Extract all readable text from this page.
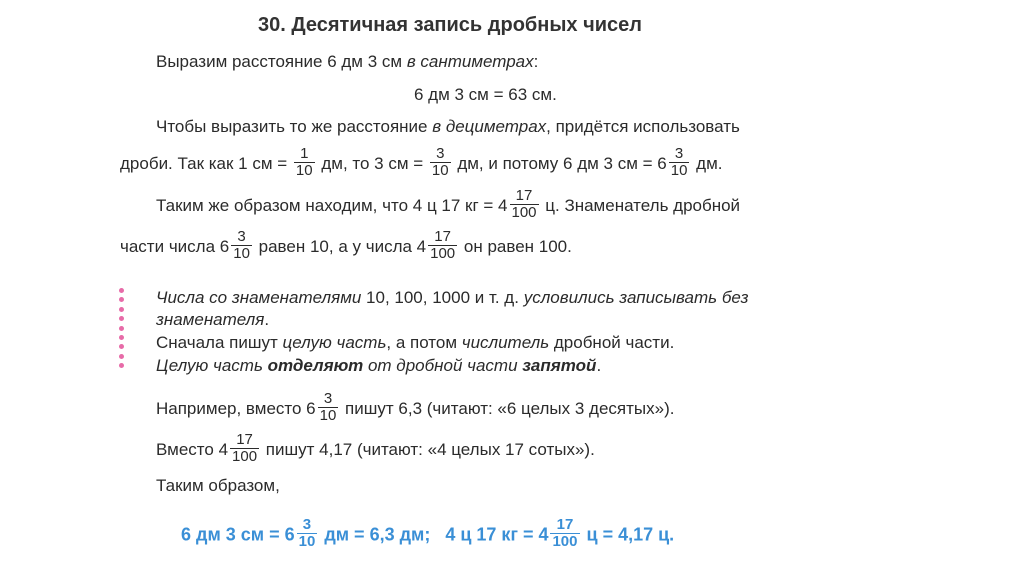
30. Десятичная запись дробных чисел
Выразим расстояние 6 дм 3 см в сантиметрах:
6 дм 3 см = 63 см.
Чтобы выразить то же расстояние в дециметрах, придётся использовать
дроби. Так как 1 см = $\frac{1}{10}$ дм, то 3 см = $\frac{3}{10}$ дм, и потому 6 дм 3 см = $6 \frac{3}{10}$ дм.
Таким же образом находим, что 4 ц 17 кг = $4 \frac{17}{100} ц$. Знаменатель дробной
части числа $6 \frac{3}{10}$ равен 10, а у числа $4 \frac{17}{100}$ он равен 100.
Числа со знаменателями 10, 100, 1000 и т. д. условились записывать без
знаменателя.
Сначала пишут целую часть, а потом числитель дробной части.
Целую часть отделяют от дробной части запятой.
Например, вместо $6 \frac{3}{10}$ пишут 6,3 (читают: «6 целых 3 десятых»).
Вместо $4 \frac{17}{100}$ пишут 4,17 (читают: «4 целых 17 сотых»).
Таким образом,
6 дм 3 см = $6 \frac{3}{10}$ дм = 6,3 дм;   4 ц 17 кг = $4 \frac{17}{100}$ ц = 4,17 ц.
